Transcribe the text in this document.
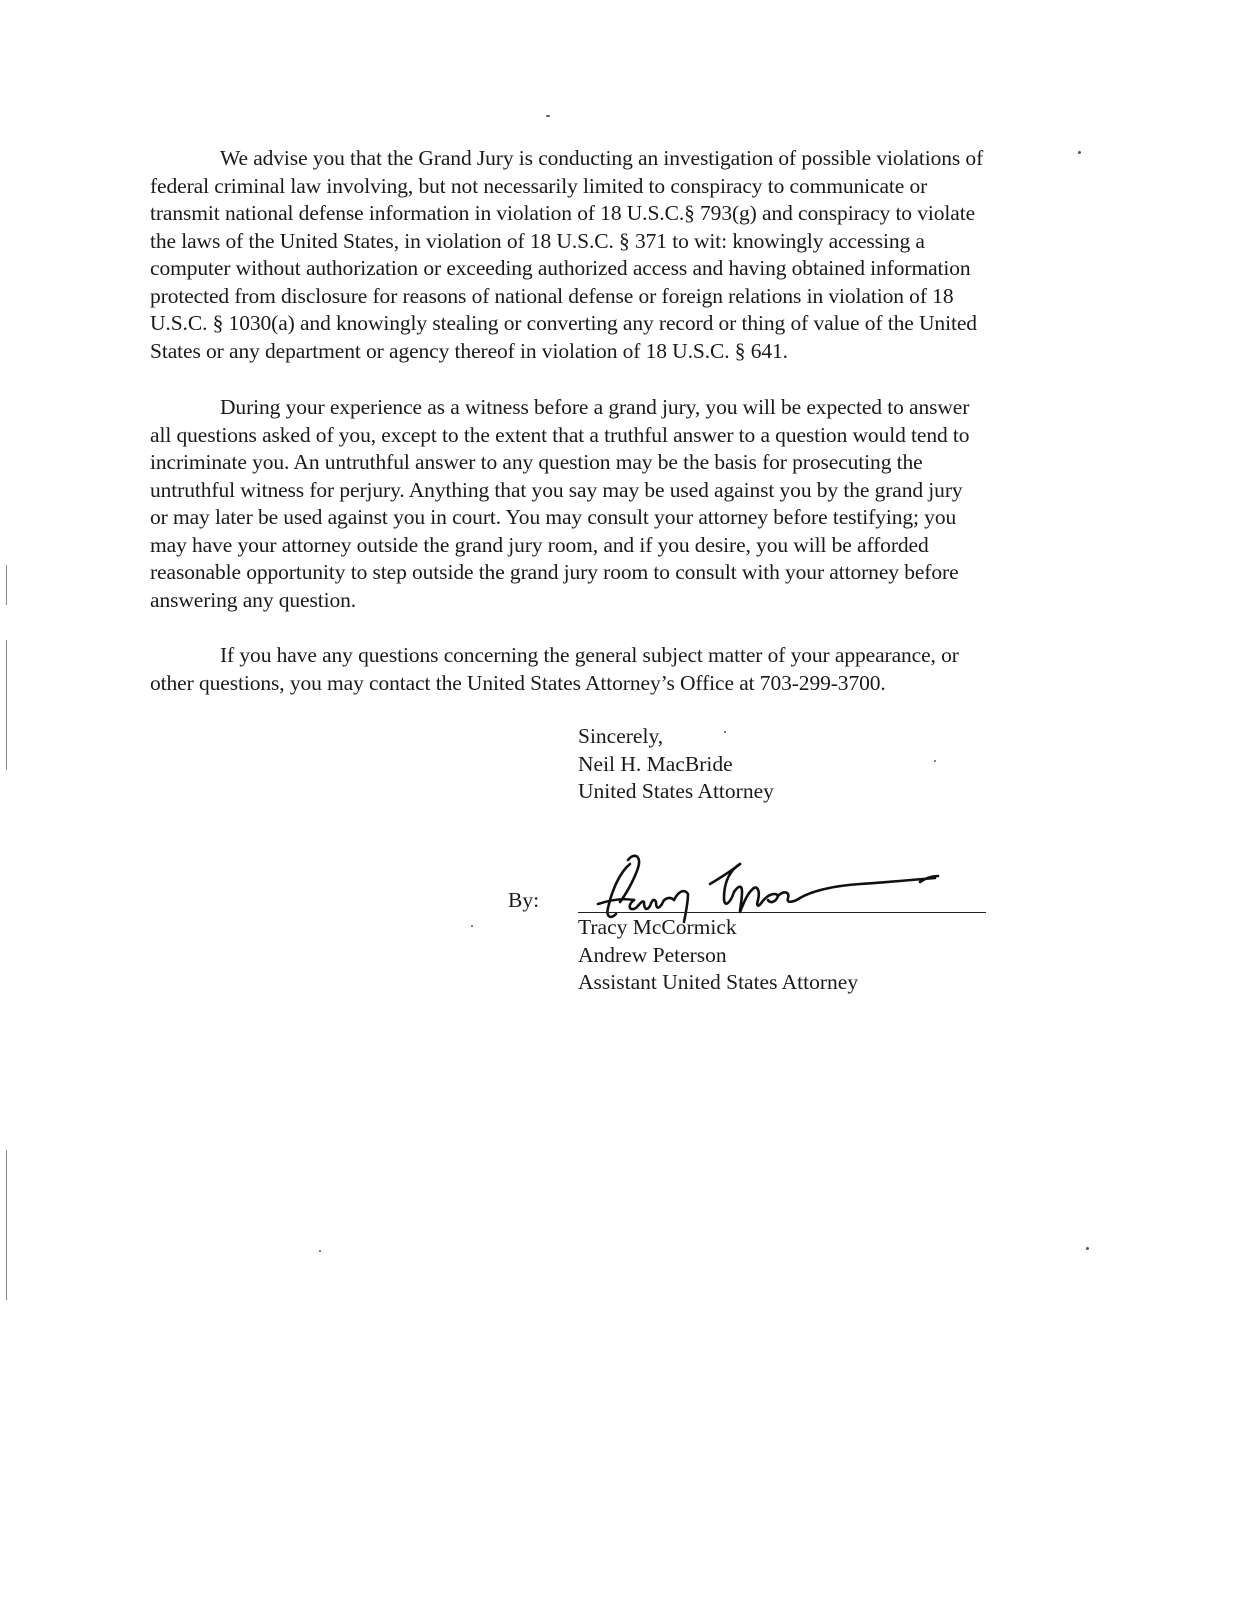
We advise you that the Grand Jury is conducting an investigation of possible violations of
federal criminal law involving, but not necessarily limited to conspiracy to communicate or
transmit national defense information in violation of 18 U.S.C.§ 793(g) and conspiracy to violate
the laws of the United States, in violation of 18 U.S.C. § 371 to wit: knowingly accessing a
computer without authorization or exceeding authorized access and having obtained information
protected from disclosure for reasons of national defense or foreign relations in violation of 18
U.S.C. § 1030(a) and knowingly stealing or converting any record or thing of value of the United
States or any department or agency thereof in violation of 18 U.S.C. § 641.

During your experience as a witness before a grand jury, you will be expected to answer
all questions asked of you, except to the extent that a truthful answer to a question would tend to
incriminate you. An untruthful answer to any question may be the basis for prosecuting the
untruthful witness for perjury. Anything that you say may be used against you by the grand jury
or may later be used against you in court. You may consult your attorney before testifying; you
may have your attorney outside the grand jury room, and if you desire, you will be afforded
reasonable opportunity to step outside the grand jury room to consult with your attorney before
answering any question.

If you have any questions concerning the general subject matter of your appearance, or
other questions, you may contact the United States Attorney’s Office at 703-299-3700.

Sincerely,
Neil H. MacBride
United States Attorney
By:
Tracy McCormick
Andrew Peterson
Assistant United States Attorney
